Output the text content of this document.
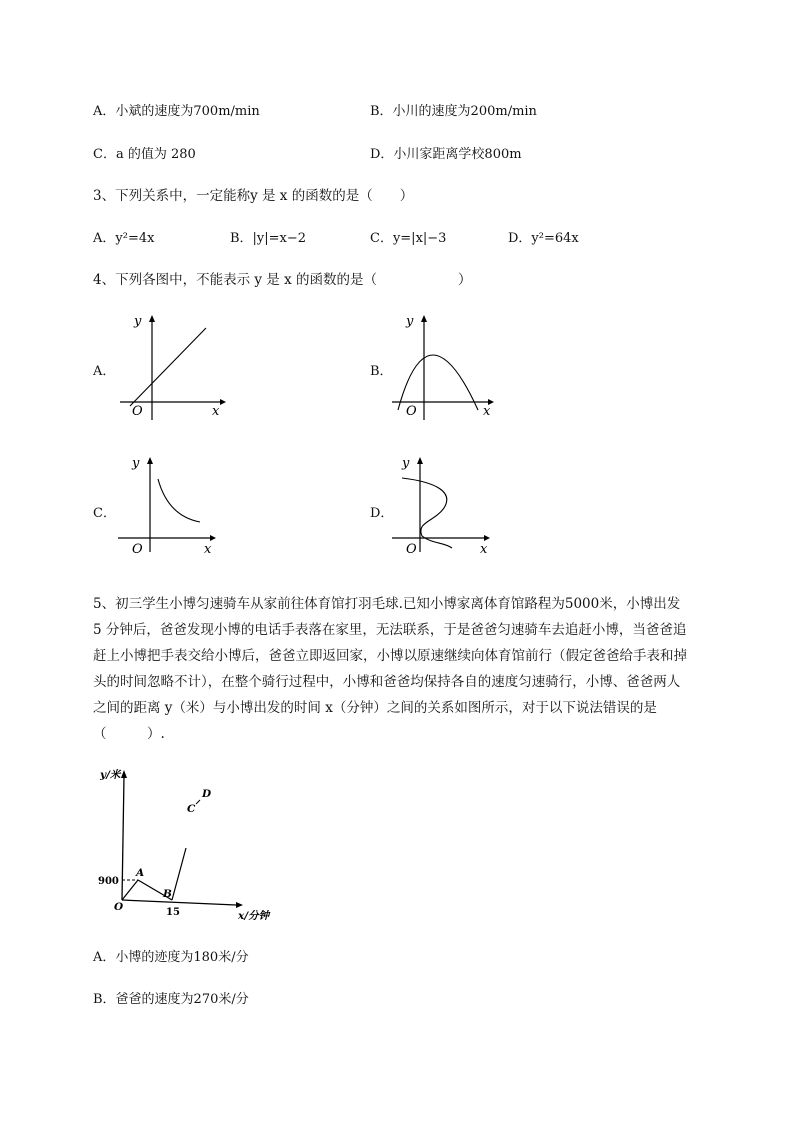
A．小斌的速度为700m/min	B．小川的速度为200m/min
C．a 的值为 280	D．小川家距离学校800m
3、下列关系中，一定能称y 是 x 的函数的是（　　）
A．y²=4x	B．|y|=x−2	C．y=|x|−3	D．y²=64x
4、下列各图中，不能表示 y 是 x 的函数的是（　　　　　　）
A．	B．
C．	D．
y
x
O
y
x
O
y
x
O
y
x
O
5、初三学生小博匀速骑车从家前往体育馆打羽毛球.已知小博家离体育馆路程为5000米，小博出发
5 分钟后，爸爸发现小博的电话手表落在家里，无法联系，于是爸爸匀速骑车去追赶小博，当爸爸追
赶上小博把手表交给小博后，爸爸立即返回家，小博以原速继续向体育馆前行（假定爸爸给手表和掉
头的时间忽略不计），在整个骑行过程中，小博和爸爸均保持各自的速度匀速骑行，小博、爸爸两人
之间的距离 y（米）与小博出发的时间 x（分钟）之间的关系如图所示，对于以下说法错误的是
（　　　）.
y/米
x/分钟
O
900
15
A
B
C
D
A．小博的迹度为180米/分
B．爸爸的速度为270米/分
